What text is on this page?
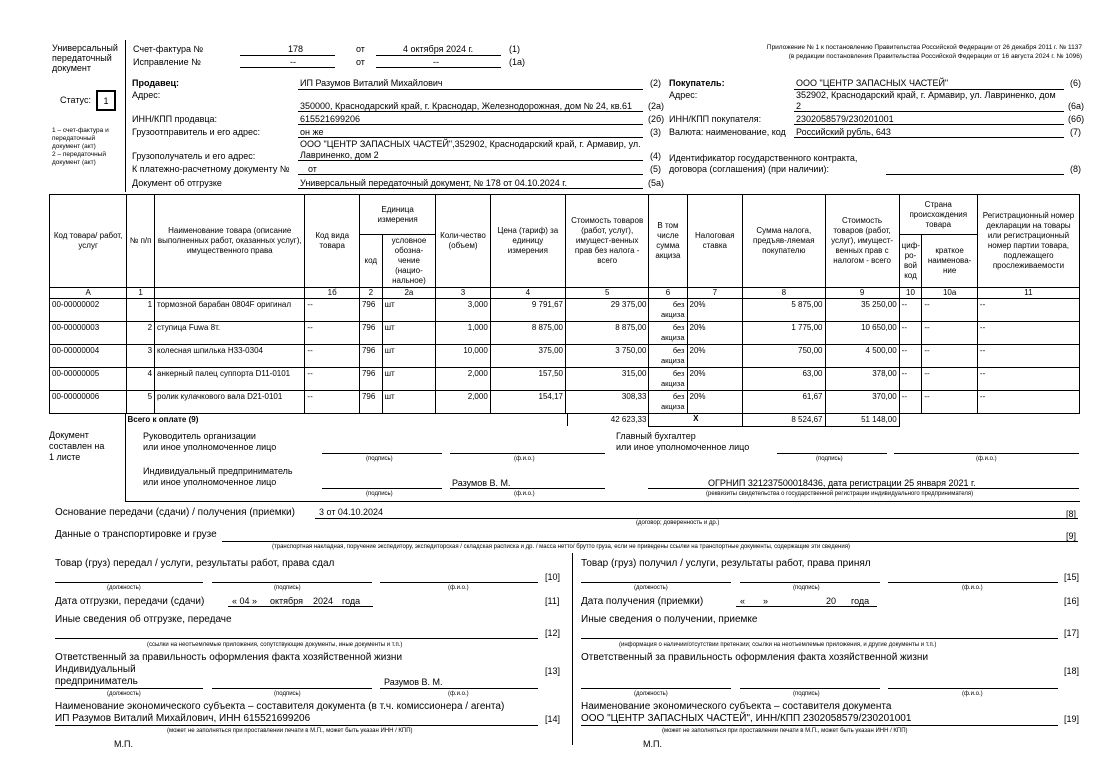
Универсальный
передаточный
документ
Статус:	1
1 – счет-фактура и
передаточный
документ (акт)
2 – передаточный
документ (акт)
Счет-фактура №	178	от	4 октября 2024 г.	(1)
Исправление №	--	от	--	(1а)
Приложение № 1 к постановлению Правительства Российской Федерации от 26 декабря 2011 г. № 1137
(в редакции постановления Правительства Российской Федерации от 16 августа 2024 г. № 1096)
Продавец:	ИП Разумов Виталий Михайлович	(2)
Адрес:
350000, Краснодарский край, г. Краснодар, Железнодорожная, дом № 24, кв.61 (2а)
ИНН/КПП продавца:	615521699206	(2б)
Грузоотправитель и его адрес:	он же	(3)
Грузополучатель и его адрес:
ООО "ЦЕНТР ЗАПАСНЫХ ЧАСТЕЙ",352902, Краснодарский край, г. Армавир, ул.
Лавриненко, дом 2	(4)
К платежно-расчетному документу № от	(5)
Документ об отгрузке	Универсальный передаточный документ, № 178 от 04.10.2024 г.	(5а)
Покупатель:	ООО "ЦЕНТР ЗАПАСНЫХ ЧАСТЕЙ"	(6)
Адрес:	352902, Краснодарский край, г. Армавир, ул. Лавриненко, дом
2	(6а)
ИНН/КПП покупателя:	2302058579/230201001	(6б)
Валюта: наименование, код Российский рубль, 643	(7)
Идентификатор государственного контракта,
договора (соглашения) (при наличии):	(8)
Код товара/ работ, услуг	№ п/п	Наименование товара (описание выполненных работ, оказанных услуг), имущественного права	Код вида товара	Единица измерения		Коли-чество (объем)	Цена (тариф) за единицу измерения	Стоимость товаров (работ, услуг), имущест-венных прав без налога - всего	В том числе сумма акциза	Налоговая ставка	Сумма налога, предъяв-ляемая покупателю	Стоимость товаров (работ, услуг), имущест-венных прав с налогом - всего	Страна происхождения товара		Регистрационный номер декларации на товары или регистрационный номер партии товара, подлежащего прослеживаемости
				код	условное обозна-чение (нацио-нальное)								циф-ро-вой код	краткое наименова-ние	
А	1		1б	2	2а	3	4	5	6	7	8	9	10	10а	11
00-00000002	1	тормозной барабан 0804F оригинал	--	796	шт	3,000	9 791,67	29 375,00	без акциза	20%	5 875,00	35 250,00	--	--	--
00-00000003	2	ступица Fuwa 8т.	--	796	шт	1,000	8 875,00	8 875,00	без акциза	20%	1 775,00	10 650,00	--	--	--
00-00000004	3	колесная шпилька Н33-0304	--	796	шт	10,000	375,00	3 750,00	без акциза	20%	750,00	4 500,00	--	--	--
00-00000005	4	анкерный палец суппорта D11-0101	--	796	шт	2,000	157,50	315,00	без акциза	20%	63,00	378,00	--	--	--
00-00000006	5	ролик кулачкового вала D21-0101	--	796	шт	2,000	154,17	308,33	без акциза	20%	61,67	370,00	--	--	--

Всего к оплате (9) 42 623,33									Х		8 524,67	51 148,00			
Документ
составлен на
1 листе
Руководитель организации
или иное уполномоченное лицо
(подпись)	(ф.и.о.)
Главный бухгалтер
или иное уполномоченное лицо
(подпись)	(ф.и.о.)
Индивидуальный предприниматель
или иное уполномоченное лицо	Разумов В. М.
(подпись)	(ф.и.о.)
ОГРНИП 321237500018436, дата регистрации 25 января 2021 г.
(реквизиты свидетельства о государственной регистрации индивидуального предпринимателя)
Основание передачи (сдачи) / получения (приемки)	3 от 04.10.2024
(договор; доверенность и др.)
[8]
Данные о транспортировке и грузе
(транспортная накладная, поручение экспедитору, экспедиторская / складская расписка и др. / масса нетто/ брутто груза, если не приведены ссылки на транспортные документы, содержащие эти сведения)
[9]
Товар (груз) передал / услуги, результаты работ, права сдал
[10]
(должность)	(подпись)	(ф.и.о.)
Дата отгрузки, передачи (сдачи)	« 04 » октября 2024 года	[11]
Иные сведения об отгрузке, передаче
(ссылки на неотъемлемые приложения, сопутствующие документы, иные документы и т.п.)
[12]
Ответственный за правильность оформления факта хозяйственной жизни
Индивидуальный
предприниматель	Разумов В. М.
[13]
(должность)	(подпись)	(ф.и.о.)
Наименование экономического субъекта – составителя документа (в т.ч. комиссионера / агента)
ИП Разумов Виталий Михайлович, ИНН 615521699206	[14]
(может не заполняться при проставлении печати в М.П., может быть указан ИНН / КПП)
М.П.
Товар (груз) получил / услуги, результаты работ, права принял
[15]
(должность)	(подпись)	(ф.и.о.)
Дата получения (приемки)	« »	20 года	[16]
Иные сведения о получении, приемке
(информация о наличии/отсутствии претензии; ссылки на неотъемлемые приложения, и другие документы и т.п.)
[17]
Ответственный за правильность оформления факта хозяйственной жизни
[18]
(должность)	(подпись)	(ф.и.о.)
Наименование экономического субъекта – составителя документа
ООО "ЦЕНТР ЗАПАСНЫХ ЧАСТЕЙ", ИНН/КПП 2302058579/230201001	[19]
(может не заполняться при проставлении печати в М.П., может быть указан ИНН / КПП)
М.П.
